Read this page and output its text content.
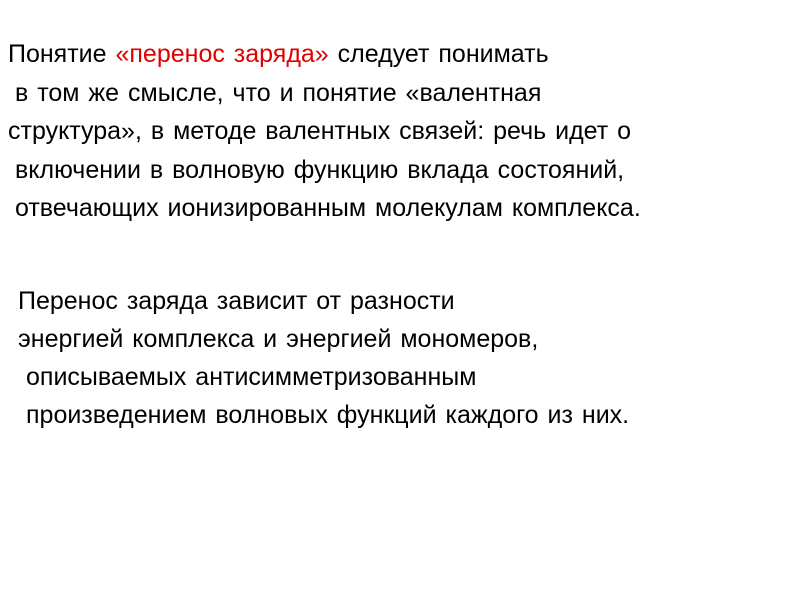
Понятие «перенос заряда» следует понимать
в том же смысле, что и понятие «валентная
структура», в методе валентных связей: речь идет о
включении в волновую функцию вклада состояний,
отвечающих ионизированным молекулам комплекса.
Перенос заряда зависит от разности
энергией комплекса и энергией мономеров,
описываемых антисимметризованным
произведением волновых функций каждого из них.
